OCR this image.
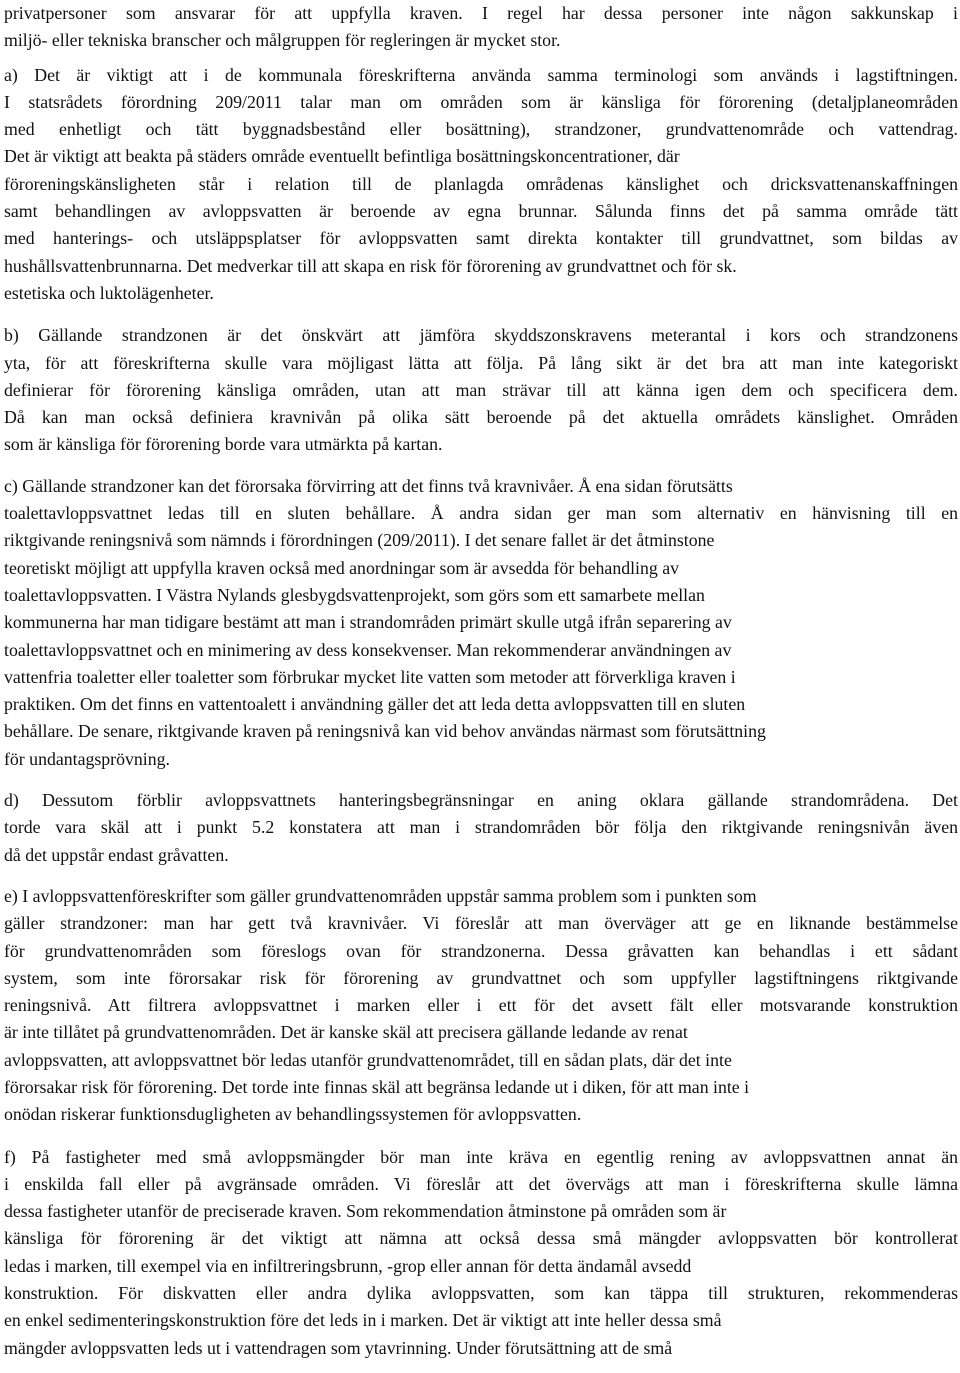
privatpersoner som ansvarar för att uppfylla kraven. I regel har dessa personer inte någon sakkunskap i
miljö- eller tekniska branscher och målgruppen för regleringen är mycket stor.
a) Det är viktigt att i de kommunala föreskrifterna använda samma terminologi som används i lagstiftningen.
I statsrådets förordning 209/2011 talar man om områden som är känsliga för förorening (detaljplaneområden
med enhetligt och tätt byggnadsbestånd eller bosättning), strandzoner, grundvattenområde och vattendrag.
Det är viktigt att beakta på städers område eventuellt befintliga bosättningskoncentrationer, där
föroreningskänsligheten står i relation till de planlagda områdenas känslighet och dricksvattenanskaffningen
samt behandlingen av avloppsvatten är beroende av egna brunnar. Sålunda finns det på samma område tätt
med hanterings- och utsläppsplatser för avloppsvatten samt direkta kontakter till grundvattnet, som bildas av
hushållsvattenbrunnarna. Det medverkar till att skapa en risk för förorening av grundvattnet och för sk.
estetiska och luktolägenheter.
b) Gällande strandzonen är det önskvärt att jämföra skyddszonskravens meterantal i kors och strandzonens
yta, för att föreskrifterna skulle vara möjligast lätta att följa. På lång sikt är det bra att man inte kategoriskt
definierar för förorening känsliga områden, utan att man strävar till att känna igen dem och specificera dem.
Då kan man också definiera kravnivån på olika sätt beroende på det aktuella områdets känslighet. Områden
som är känsliga för förorening borde vara utmärkta på kartan.
c) Gällande strandzoner kan det förorsaka förvirring att det finns två kravnivåer. Å ena sidan förutsätts
toalettavloppsvattnet ledas till en sluten behållare. Å andra sidan ger man som alternativ en hänvisning till en
riktgivande reningsnivå som nämnds i förordningen (209/2011). I det senare fallet är det åtminstone
teoretiskt möjligt att uppfylla kraven också med anordningar som är avsedda för behandling av
toalettavloppsvatten. I Västra Nylands glesbygdsvattenprojekt, som görs som ett samarbete mellan
kommunerna har man tidigare bestämt att man i strandområden primärt skulle utgå ifrån separering av
toalettavloppsvattnet och en minimering av dess konsekvenser. Man rekommenderar användningen av
vattenfria toaletter eller toaletter som förbrukar mycket lite vatten som metoder att förverkliga kraven i
praktiken. Om det finns en vattentoalett i användning gäller det att leda detta avloppsvatten till en sluten
behållare. De senare, riktgivande kraven på reningsnivå kan vid behov användas närmast som förutsättning
för undantagsprövning.
d) Dessutom förblir avloppsvattnets hanteringsbegränsningar en aning oklara gällande strandområdena. Det
torde vara skäl att i punkt 5.2 konstatera att man i strandområden bör följa den riktgivande reningsnivån även
då det uppstår endast gråvatten.
e) I avloppsvattenföreskrifter som gäller grundvattenområden uppstår samma problem som i punkten som
gäller strandzoner: man har gett två kravnivåer. Vi föreslår att man överväger att ge en liknande bestämmelse
för grundvattenområden som föreslogs ovan för strandzonerna. Dessa gråvatten kan behandlas i ett sådant
system, som inte förorsakar risk för förorening av grundvattnet och som uppfyller lagstiftningens riktgivande
reningsnivå. Att filtrera avloppsvattnet i marken eller i ett för det avsett fält eller motsvarande konstruktion
är inte tillåtet på grundvattenområden. Det är kanske skäl att precisera gällande ledande av renat
avloppsvatten, att avloppsvattnet bör ledas utanför grundvattenområdet, till en sådan plats, där det inte
förorsakar risk för förorening. Det torde inte finnas skäl att begränsa ledande ut i diken, för att man inte i
onödan riskerar funktionsdugligheten av behandlingssystemen för avloppsvatten.
f) På fastigheter med små avloppsmängder bör man inte kräva en egentlig rening av avloppsvattnen annat än
i enskilda fall eller på avgränsade områden. Vi föreslår att det övervägs att man i föreskrifterna skulle lämna
dessa fastigheter utanför de preciserade kraven. Som rekommendation åtminstone på områden som är
känsliga för förorening är det viktigt att nämna att också dessa små mängder avloppsvatten bör kontrollerat
ledas i marken, till exempel via en infiltreringsbrunn, -grop eller annan för detta ändamål avsedd
konstruktion. För diskvatten eller andra dylika avloppsvatten, som kan täppa till strukturen, rekommenderas
en enkel sedimenteringskonstruktion före det leds in i marken. Det är viktigt att inte heller dessa små
mängder avloppsvatten leds ut i vattendragen som ytavrinning. Under förutsättning att de små
